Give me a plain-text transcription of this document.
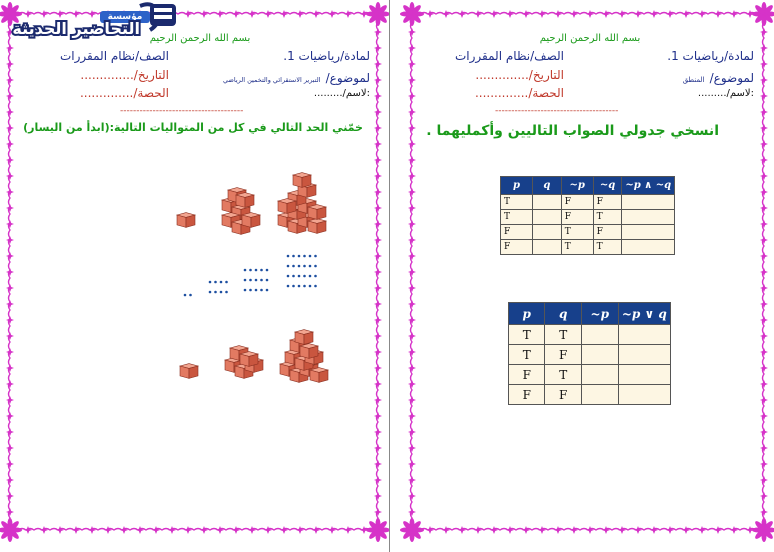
مؤسسة
التحاضير الحديثة
بسم الله الرحمن الرحيم
لمادة/رياضيات 1.
الصف/نظام المقررات
لموضوع/ التبرير الاستقرائي والتخمين الرياضي
التاريخ/..............
:لاسم/.........
الحصة/..............
--------------------------------------
خمّني الحد التالي في كل من المتواليات التالية:(ابدأ من اليسار)
بسم الله الرحمن الرحيم
لمادة/رياضيات 1.
الصف/نظام المقررات
لموضوع/ المنطق
التاريخ/..............
:لاسم/.........
الحصة/..............
--------------------------------------
انسخي جدولي الصواب التاليين وأكمليهما .
p	q	~p	~q	~p ∧ ~q
T		F	F	
T		F	T	
F		T	F	
F		T	T	
p	q	~p	~p ∨ q
T	T		
T	F		
F	T		
F	F		
